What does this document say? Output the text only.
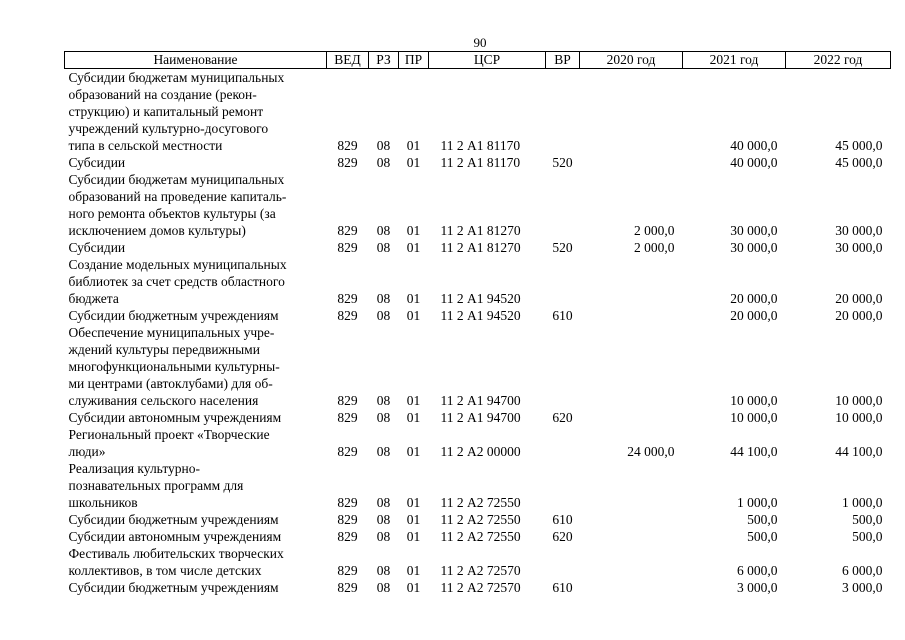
90
Наименование	ВЕД	РЗ	ПР	ЦСР	ВР	2020 год	2021 год	2022 год

Субсидии бюджетам муниципальных
образований на создание (рекон-
струкцию) и капитальный ремонт
учреждений культурно-досугового
типа в сельской местности	829	08	01	11 2 А1 81170			40 000,0	45 000,0

Субсидии	829	08	01	11 2 А1 81170	520		40 000,0	45 000,0

Субсидии бюджетам муниципальных
образований на проведение капиталь-
ного ремонта объектов культуры (за
исключением домов культуры)	829	08	01	11 2 А1 81270		2 000,0	30 000,0	30 000,0

Субсидии	829	08	01	11 2 А1 81270	520	2 000,0	30 000,0	30 000,0

Создание модельных муниципальных
библиотек за счет средств областного
бюджета	829	08	01	11 2 А1 94520			20 000,0	20 000,0

Субсидии бюджетным учреждениям	829	08	01	11 2 А1 94520	610		20 000,0	20 000,0

Обеспечение муниципальных учре-
ждений культуры передвижными
многофункциональными культурны-
ми центрами (автоклубами) для об-
служивания сельского населения	829	08	01	11 2 А1 94700			10 000,0	10 000,0

Субсидии автономным учреждениям	829	08	01	11 2 А1 94700	620		10 000,0	10 000,0

Региональный проект «Творческие
люди»	829	08	01	11 2 А2 00000		24 000,0	44 100,0	44 100,0

Реализация культурно-
познавательных программ для
школьников	829	08	01	11 2 А2 72550			1 000,0	1 000,0

Субсидии бюджетным учреждениям	829	08	01	11 2 А2 72550	610		500,0	500,0

Субсидии автономным учреждениям	829	08	01	11 2 А2 72550	620		500,0	500,0

Фестиваль любительских творческих
коллективов, в том числе детских	829	08	01	11 2 А2 72570			6 000,0	6 000,0

Субсидии бюджетным учреждениям	829	08	01	11 2 А2 72570	610		3 000,0	3 000,0
